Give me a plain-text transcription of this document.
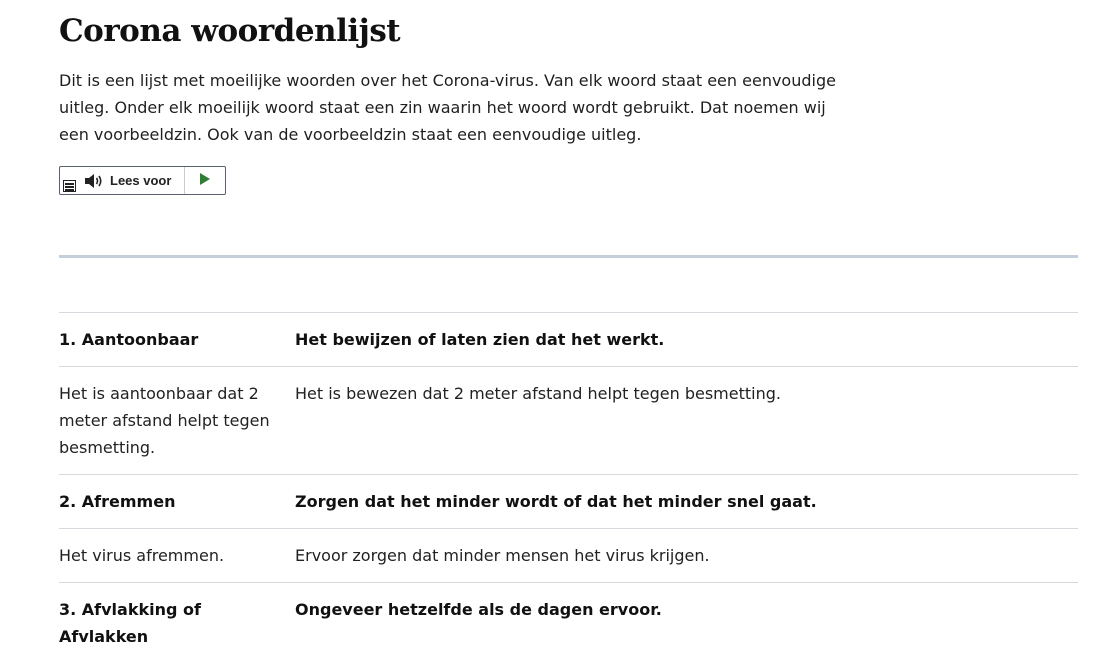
Corona woordenlijst

Dit is een lijst met moeilijke woorden over het Corona-virus. Van elk woord staat een eenvoudige uitleg. Onder elk moeilijk woord staat een zin waarin het woord wordt gebruikt. Dat noemen wij een voorbeeldzin. Ook van de voorbeeldzin staat een eenvoudige uitleg.

Lees voor
1. Aantoonbaar	Het bewijzen of laten zien dat het werkt.
Het is aantoonbaar dat 2 meter afstand helpt tegen besmetting.	Het is bewezen dat 2 meter afstand helpt tegen besmetting.
2. Afremmen	Zorgen dat het minder wordt of dat het minder snel gaat.
Het virus afremmen.	Ervoor zorgen dat minder mensen het virus krijgen.
3. Afvlakking of Afvlakken	Ongeveer hetzelfde als de dagen ervoor.
